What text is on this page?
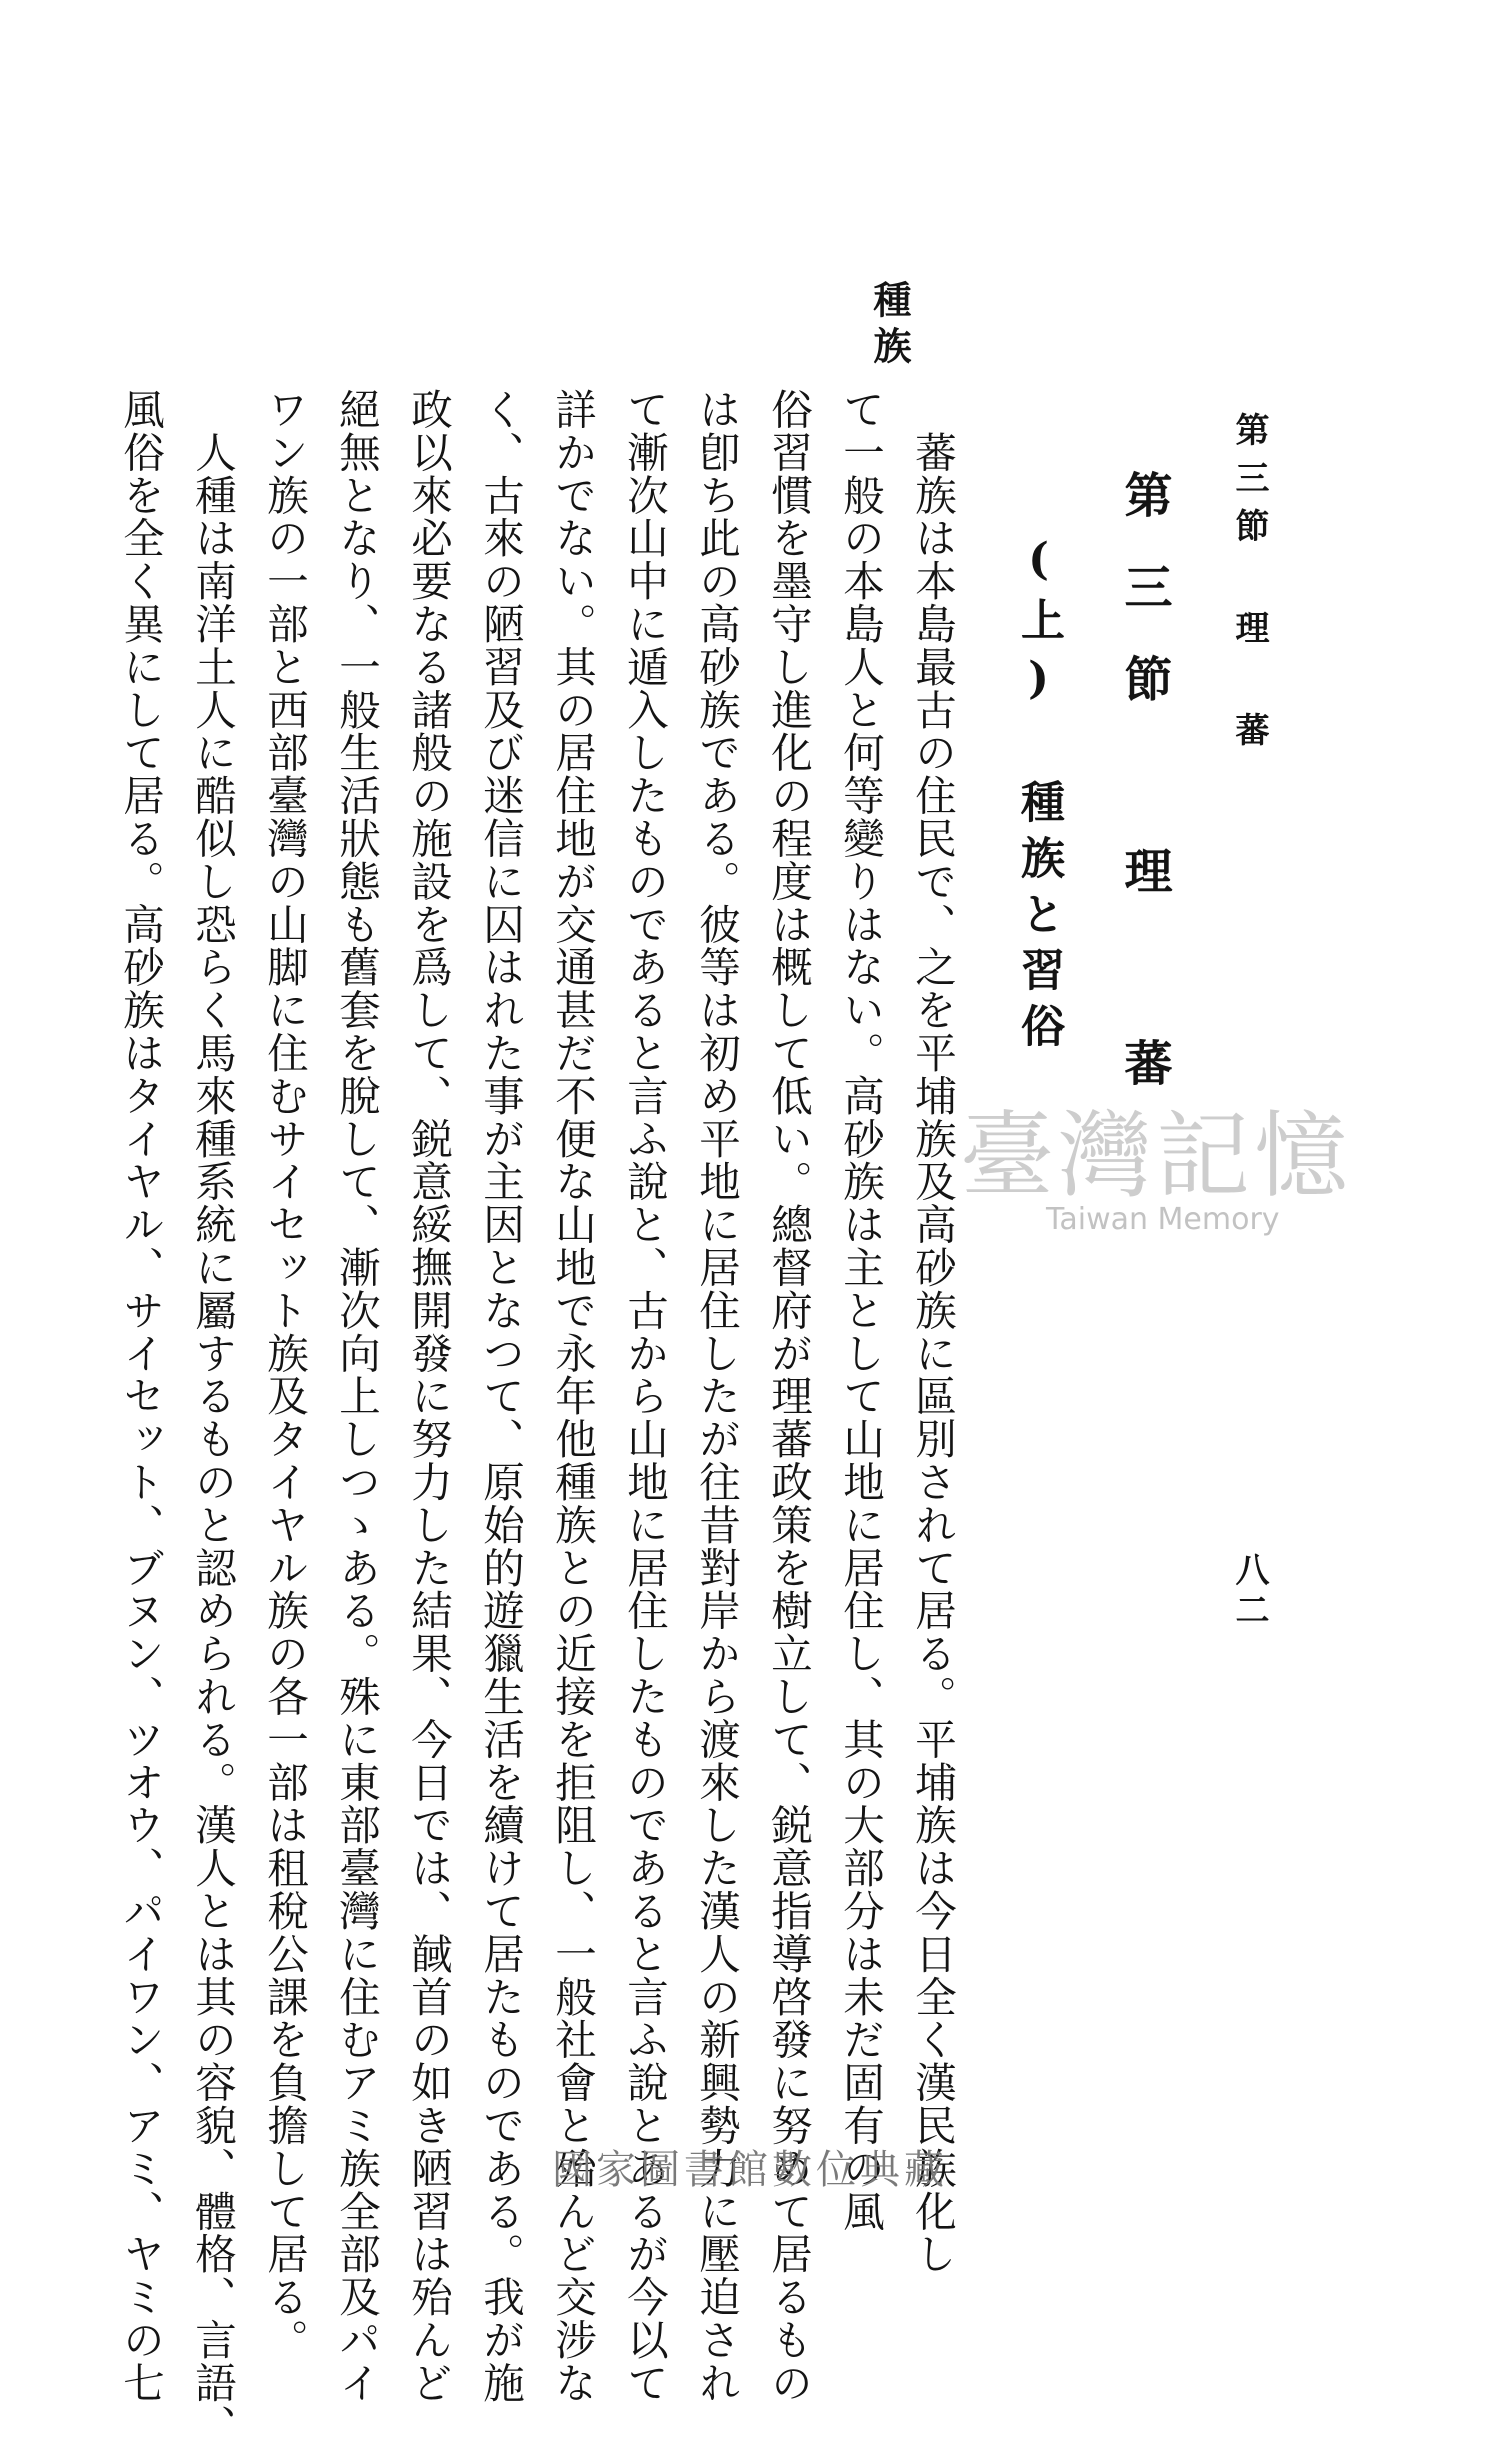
第三節 理 蕃
八二
第三節 理 蕃
(上) 種族と習俗
種族
　蕃族は本島最古の住民で、之を平埔族及高砂族に區別されて居る。平埔族は今日全く漢民族化し
て一般の本島人と何等變りはない。高砂族は主として山地に居住し、其の大部分は未だ固有の風
俗習慣を墨守し進化の程度は概して低い。總督府が理蕃政策を樹立して、鋭意指導啓發に努めて居るもの
は卽ち此の高砂族である。彼等は初め平地に居住したが往昔對岸から渡來した漢人の新興勢力に壓迫され
て漸次山中に遁入したものであると言ふ說と、古から山地に居住したものであると言ふ說とあるが今以て
詳かでない。其の居住地が交通甚だ不便な山地で永年他種族との近接を拒阻し、一般社會と殆んど交涉な
く、古來の陋習及び迷信に囚はれた事が主因となつて、原始的遊獵生活を續けて居たものである。我が施
政以來必要なる諸般の施設を爲して、鋭意綏撫開發に努力した結果、今日では、馘首の如き陋習は殆んど
絕無となり、一般生活狀態も舊套を脫して、漸次向上しつゝある。殊に東部臺灣に住むアミ族全部及パイ
ワン族の一部と西部臺灣の山脚に住むサイセット族及タイヤル族の各一部は租稅公課を負擔して居る。
　人種は南洋土人に酷似し恐らく馬來種系統に屬するものと認められる。漢人とは其の容貌、體格、言語、
風俗を全く異にして居る。高砂族はタイヤル、サイセット、ブヌン、ツオウ、パイワン、アミ、ヤミの七	臺灣記憶
Taiwan Memory
國家圖書館數位典藏
